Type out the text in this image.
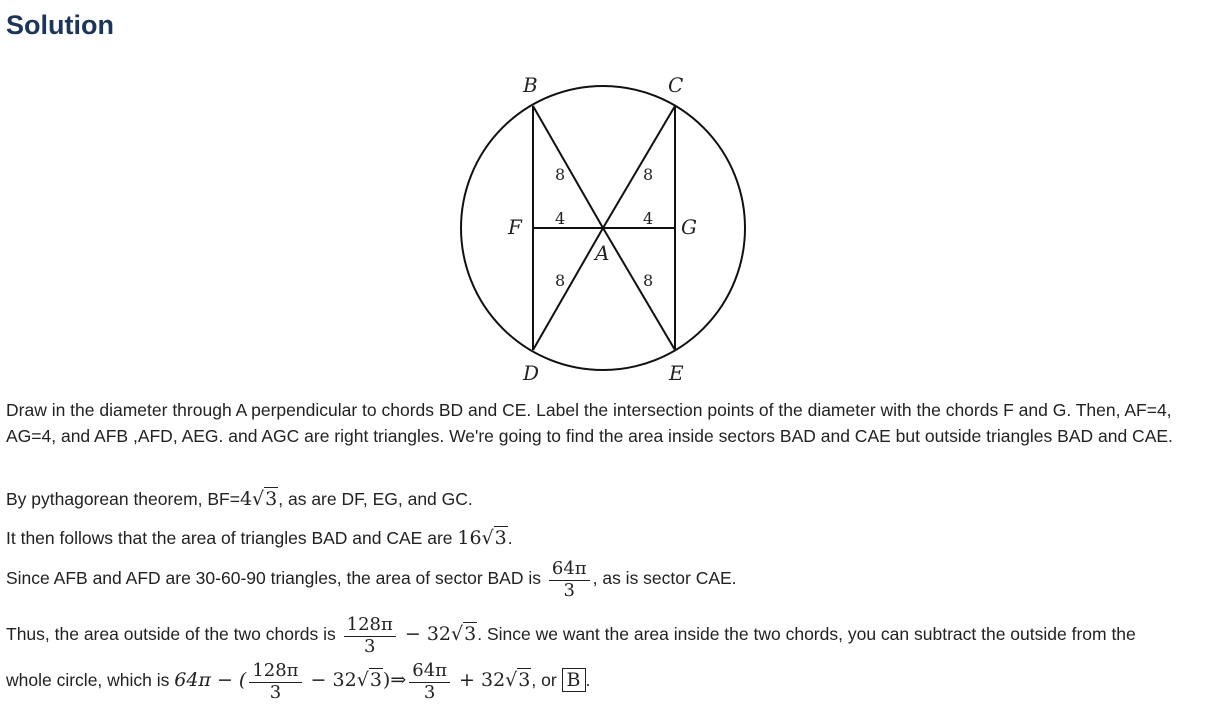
Solution
B	C
D	E
F	G
A
4	4
8	8
8	8

Draw in the diameter through A perpendicular to chords BD and CE. Label the intersection points of the diameter with the chords F and G. Then, AF=4, AG=4, and AFB ,AFD, AEG. and AGC are right triangles. We're going to find the area inside sectors BAD and CAE but outside triangles BAD and CAE.

By pythagorean theorem, BF=4√3, as are DF, EG, and GC.

It then follows that the area of triangles BAD and CAE are 16√3.

Since AFB and AFD are 30-60-90 triangles, the area of sector BAD is $\frac{64\pi}{3}$ , as is sector CAE.

Thus, the area outside of the two chords is $\frac{128\pi}{3} - 32√3$. Since we want the area inside the two chords, you can subtract the outside from the

whole circle, which is 64π − ( $\frac{128\pi}{3}$ − 32√3)⇒ $\frac{64\pi}{3} + 32√3$, or B .
